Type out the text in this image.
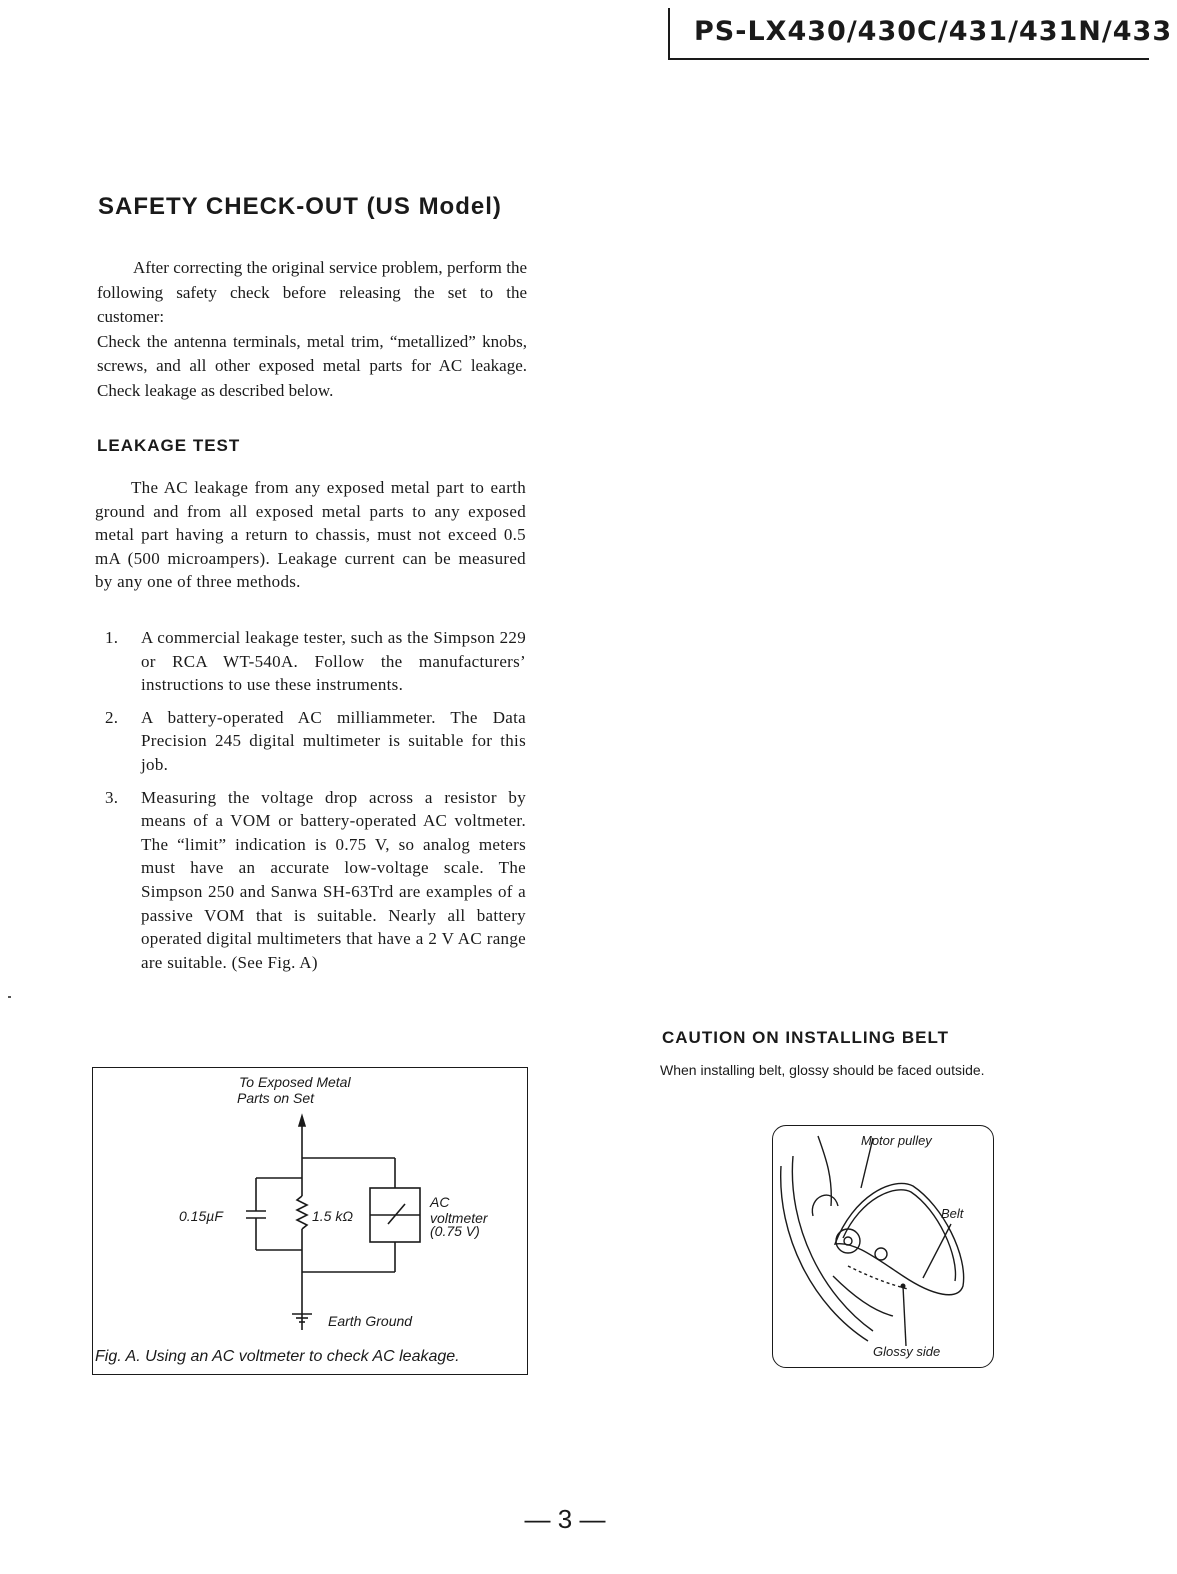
PS-LX430/430C/431/431N/433
SAFETY CHECK-OUT (US Model)

After correcting the original service problem, perform the following safety check before releasing the set to the customer:

Check the antenna terminals, metal trim, “metallized” knobs, screws, and all other exposed metal parts for AC leakage. Check leakage as described below.

LEAKAGE TEST
The AC leakage from any exposed metal part to earth ground and from all exposed metal parts to any exposed metal part having a return to chassis, must not exceed 0.5 mA (500 microampers). Leakage current can be measured by any one of three methods.
1. A commercial leakage tester, such as the Simpson 229 or RCA WT-540A. Follow the manufacturers’ instructions to use these instruments.
2. A battery-operated AC milliammeter. The Data Precision 245 digital multimeter is suitable for this job.
3. Measuring the voltage drop across a resistor by means of a VOM or battery-operated AC voltmeter. The “limit” indication is 0.75 V, so analog meters must have an accurate low-voltage scale. The Simpson 250 and Sanwa SH-63Trd are examples of a passive VOM that is suitable. Nearly all battery operated digital multimeters that have a 2 V AC range are suitable. (See Fig. A)
To Exposed Metal
Parts on Set
0.15µF	1.5 kΩ
AC
voltmeter
(0.75 V)
Earth Ground
Fig. A. Using an AC voltmeter to check AC leakage.
CAUTION ON INSTALLING BELT
When installing belt, glossy should be faced outside.
Motor pulley
Belt
Glossy side
— 3 —
